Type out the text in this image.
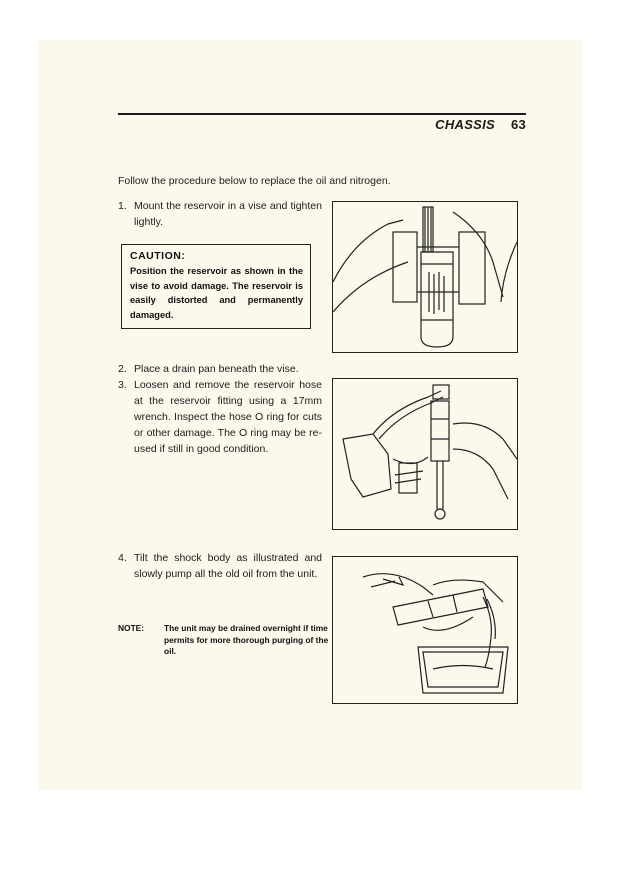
CHASSIS 63
Follow the procedure below to replace the oil and nitrogen.
1. Mount the reservoir in a vise and tighten lightly.
CAUTION:
Position the reservoir as shown in the vise to avoid damage. The reservoir is easily distorted and permanently damaged.
2. Place a drain pan beneath the vise.
3. Loosen and remove the reservoir hose at the reservoir fitting using a 17mm wrench. Inspect the hose O ring for cuts or other damage. The O ring may be re-used if still in good condition.
4. Tilt the shock body as illustrated and slowly pump all the old oil from the unit.
NOTE: The unit may be drained overnight if time permits for more thorough purging of the oil.
